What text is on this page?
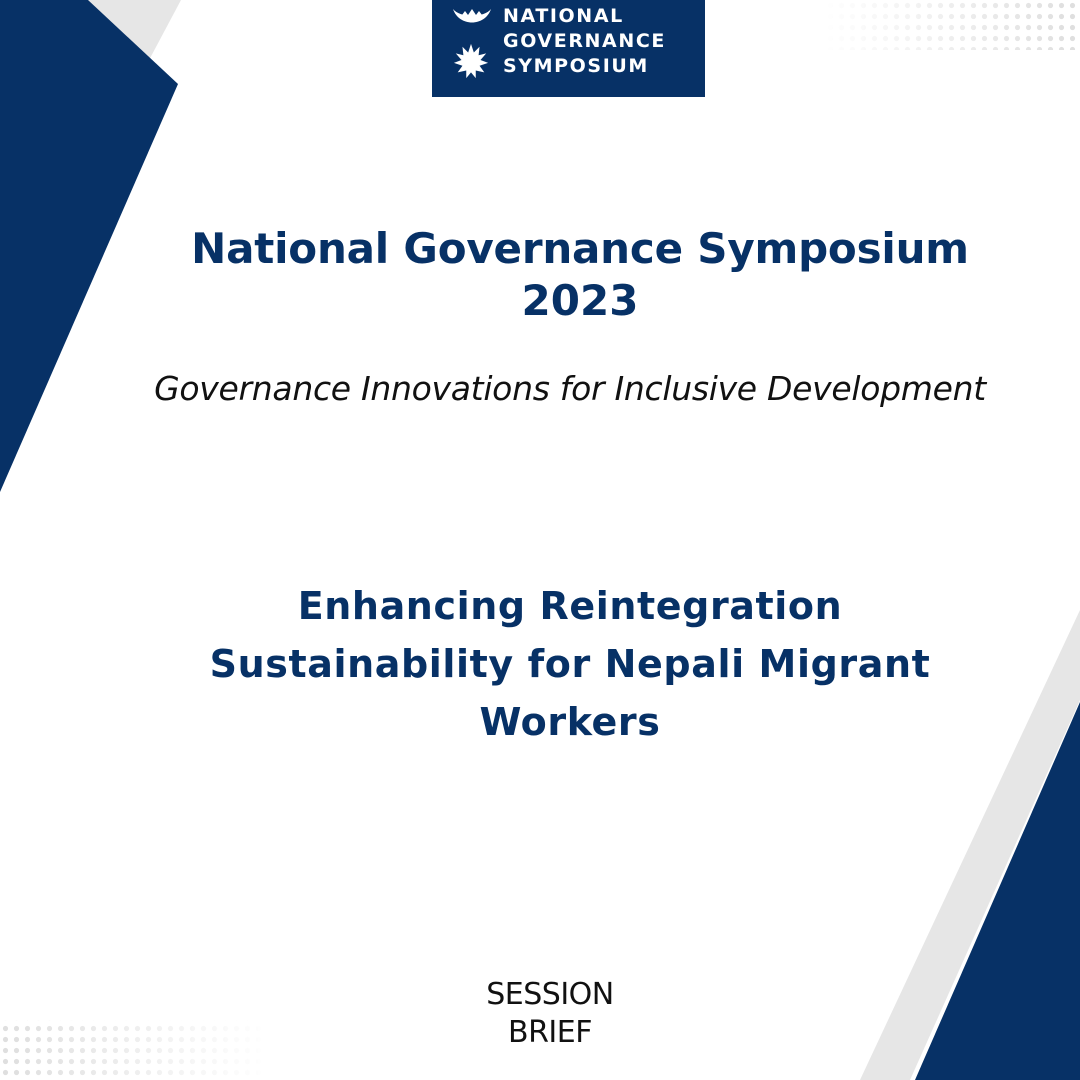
NATIONAL
GOVERNANCE
SYMPOSIUM
National Governance Symposium
2023
Governance Innovations for Inclusive Development
Enhancing Reintegration
Sustainability for Nepali Migrant
Workers
SESSION
BRIEF
